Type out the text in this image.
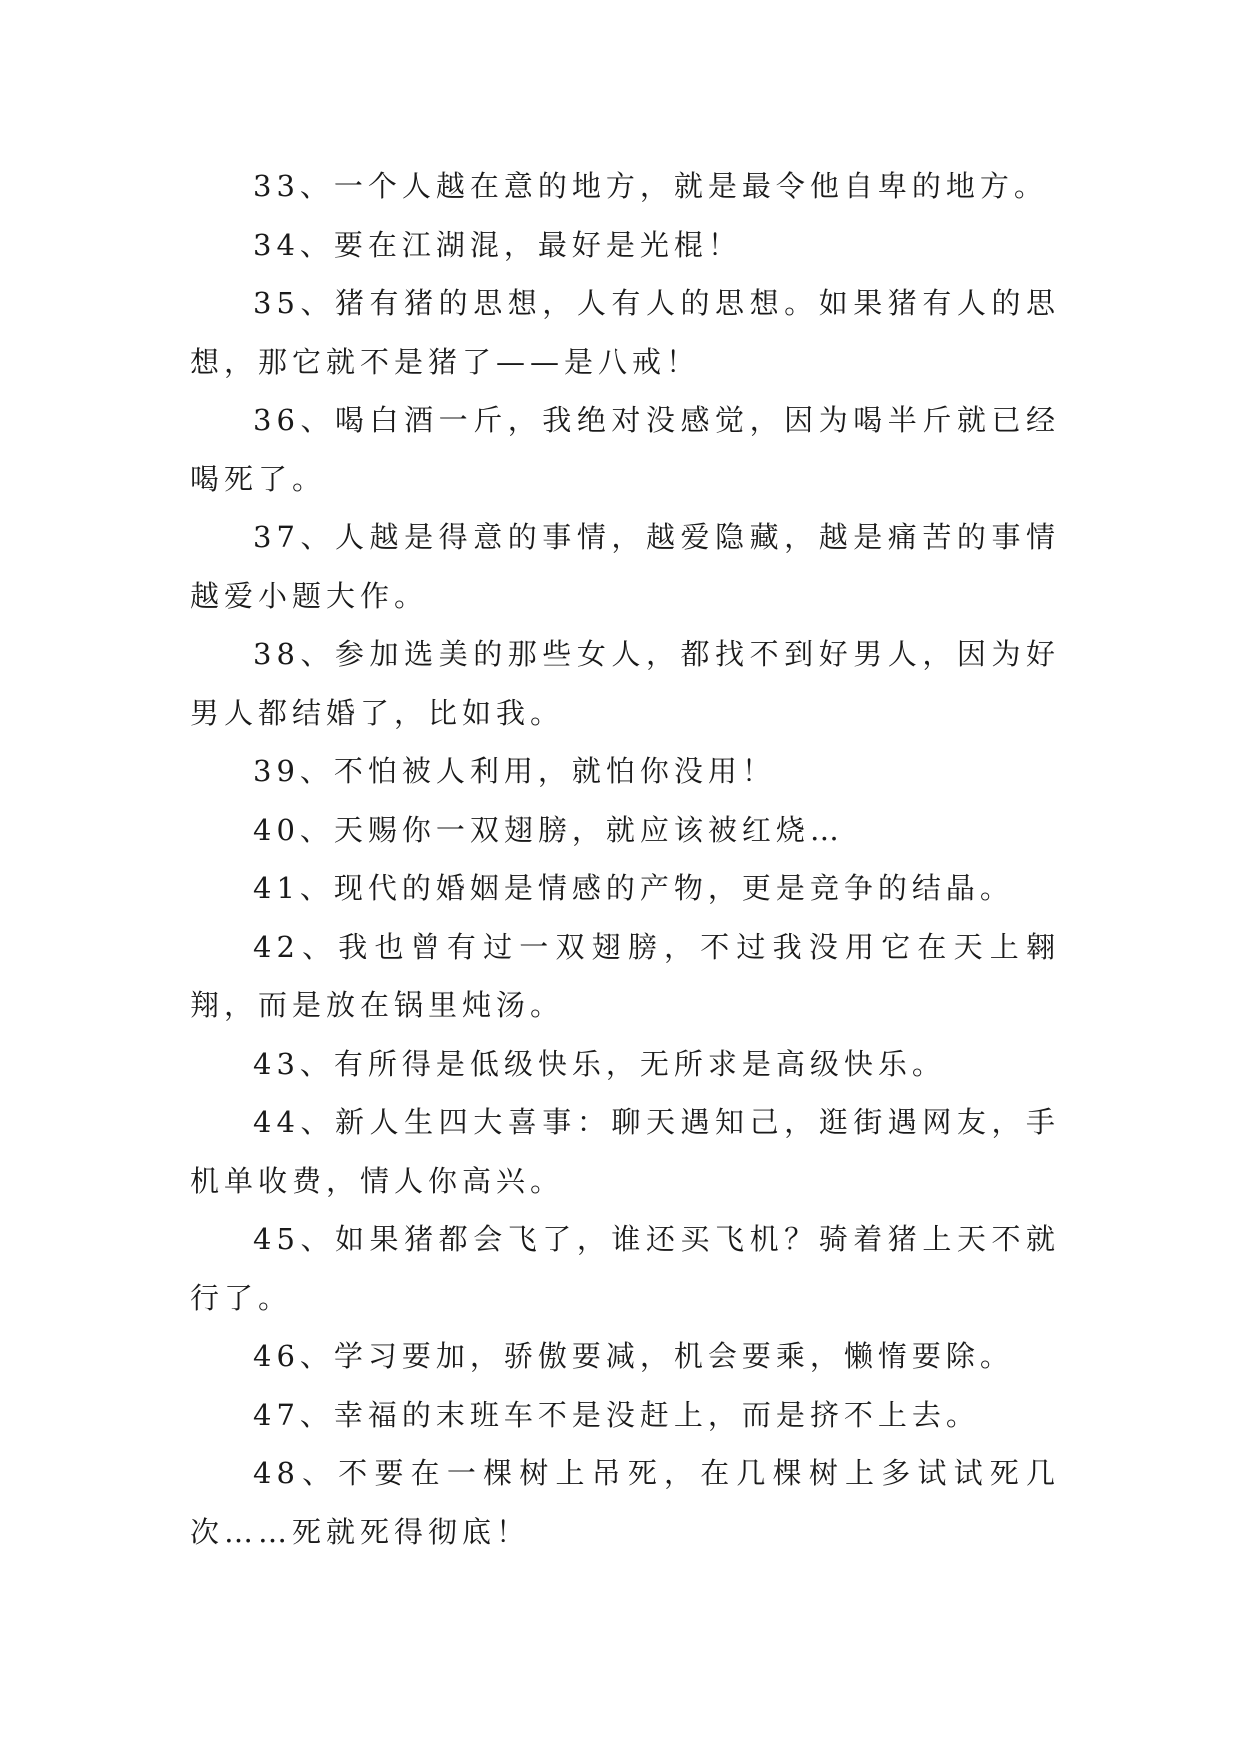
33、一个人越在意的地方，就是最令他自卑的地方。

34、要在江湖混，最好是光棍！

35、猪有猪的思想，人有人的思想。如果猪有人的思想，那它就不是猪了——是八戒！

36、喝白酒一斤，我绝对没感觉，因为喝半斤就已经喝死了。

37、人越是得意的事情，越爱隐藏，越是痛苦的事情越爱小题大作。

38、参加选美的那些女人，都找不到好男人，因为好男人都结婚了，比如我。

39、不怕被人利用，就怕你没用！

40、天赐你一双翅膀，就应该被红烧…

41、现代的婚姻是情感的产物，更是竞争的结晶。

42、我也曾有过一双翅膀，不过我没用它在天上翱翔，而是放在锅里炖汤。

43、有所得是低级快乐，无所求是高级快乐。

44、新人生四大喜事：聊天遇知己，逛街遇网友，手机单收费，情人你高兴。

45、如果猪都会飞了，谁还买飞机？骑着猪上天不就行了。

46、学习要加，骄傲要减，机会要乘，懒惰要除。

47、幸福的末班车不是没赶上，而是挤不上去。

48、不要在一棵树上吊死，在几棵树上多试试死几次……死就死得彻底！
